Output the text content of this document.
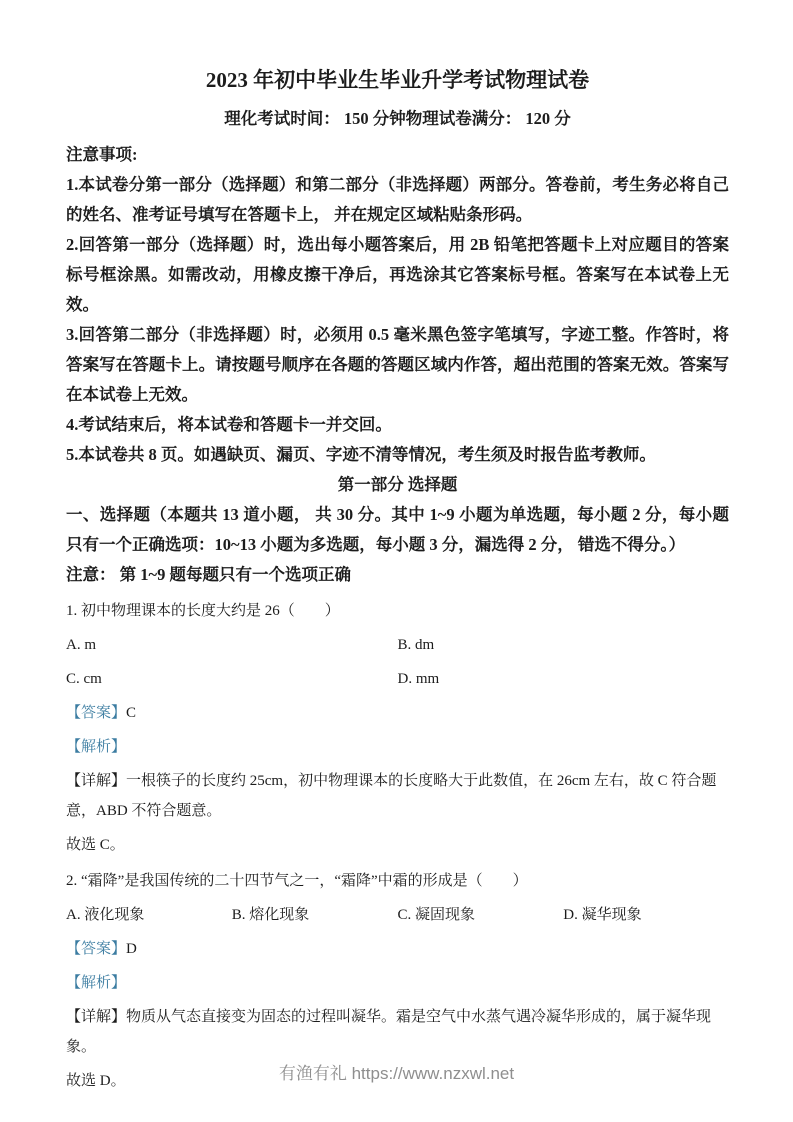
2023 年初中毕业生毕业升学考试物理试卷
理化考试时间： 150 分钟物理试卷满分： 120 分

注意事项:

1.本试卷分第一部分（选择题）和第二部分（非选择题）两部分。答卷前，考生务必将自己的姓名、准考证号填写在答题卡上， 并在规定区域粘贴条形码。

2.回答第一部分（选择题）时，选出每小题答案后，用 2B 铅笔把答题卡上对应题目的答案标号框涂黑。如需改动，用橡皮擦干净后，再选涂其它答案标号框。答案写在本试卷上无效。

3.回答第二部分（非选择题）时，必须用 0.5 毫米黑色签字笔填写，字迹工整。作答时，将答案写在答题卡上。请按题号顺序在各题的答题区域内作答，超出范围的答案无效。答案写在本试卷上无效。

4.考试结束后，将本试卷和答题卡一并交回。

5.本试卷共 8 页。如遇缺页、漏页、字迹不清等情况，考生须及时报告监考教师。

第一部分 选择题

一、选择题（本题共 13 道小题， 共 30 分。其中 1~9 小题为单选题，每小题 2 分，每小题只有一个正确选项：10~13 小题为多选题，每小题 3 分，漏选得 2 分， 错选不得分。）

注意： 第 1~9 题每题只有一个选项正确

1. 初中物理课本的长度大约是 26（　　）

A. m	B. dm
C. cm	D. mm

【答案】C

【解析】

【详解】一根筷子的长度约 25cm，初中物理课本的长度略大于此数值，在 26cm 左右，故 C 符合题意，ABD 不符合题意。

故选 C。

2. “霜降”是我国传统的二十四节气之一，“霜降”中霜的形成是（　　）

A. 液化现象	B. 熔化现象	C. 凝固现象	D. 凝华现象

【答案】D

【解析】

【详解】物质从气态直接变为固态的过程叫凝华。霜是空气中水蒸气遇冷凝华形成的，属于凝华现象。

故选 D。	有渔有礼 https://www.nzxwl.net
